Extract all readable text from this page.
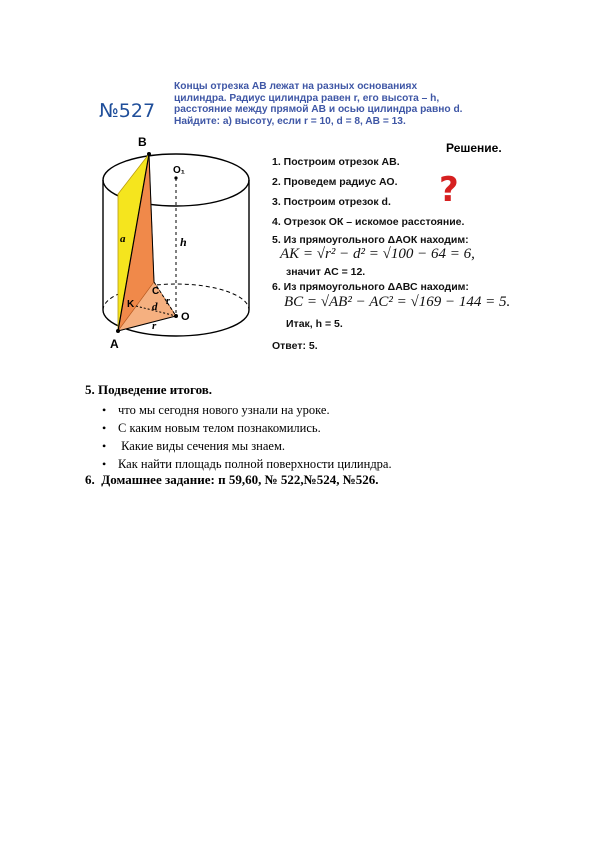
№527
Концы отрезка АВ лежат на разных основаниях
цилиндра. Радиус цилиндра равен r, его высота – h,
расстояние между прямой АВ и осью цилиндра равно d.
Найдите: а) высоту, если r = 10, d = 8, AB = 13.
B
O₁
a	h
C
K d r
O
r
A
Решение.
?
1. Построим отрезок АВ.
2. Проведем радиус АО.
3. Построим отрезок d.
4. Отрезок ОК – искомое расстояние.
5. Из прямоугольного ΔАОК находим:
AK = √r² − d² = √100 − 64 = 6,
значит АС = 12.
6. Из прямоугольного ΔАВС находим:
BC = √AB² − AC² = √169 − 144 = 5.
Итак, h = 5.
Ответ: 5.
5. Подведение итогов.
• что мы сегодня нового узнали на уроке.
• С каким новым телом познакомились.
• Какие виды сечения мы знаем.
• Как найти площадь полной поверхности цилиндра.
6.  Домашнее задание: п 59,60, № 522,№524, №526.
